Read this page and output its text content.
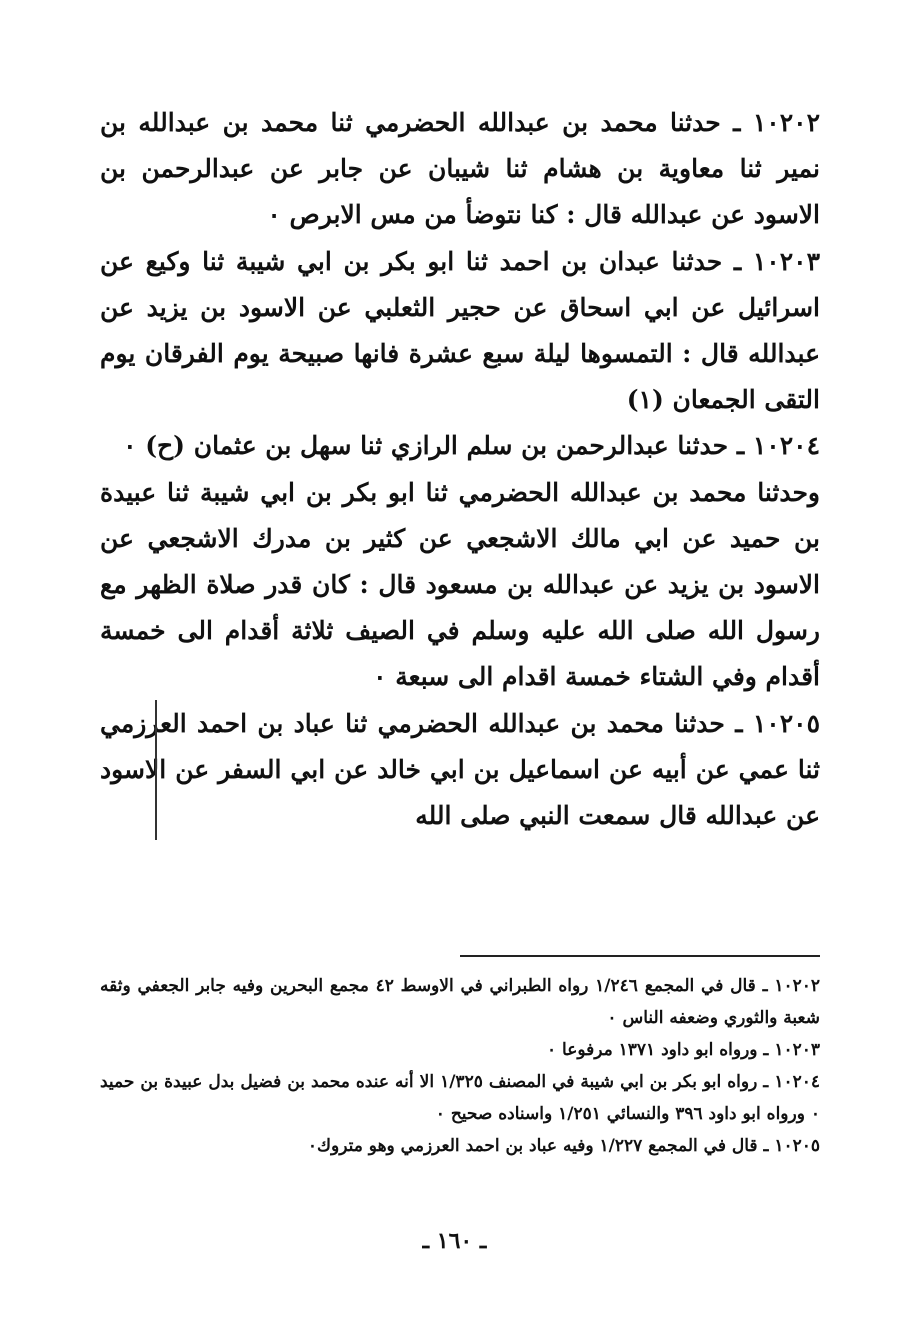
١٠٢٠٢ ـ حدثنا محمد بن عبدالله الحضرمي ثنا محمد بن عبدالله بن نمير ثنا معاوية بن هشام ثنا شيبان عن جابر عن عبدالرحمن بن الاسود عن عبدالله قال : كنا نتوضأ من مس الابرص ٠

١٠٢٠٣ ـ حدثنا عبدان بن احمد ثنا ابو بكر بن ابي شيبة ثنا وكيع عن اسرائيل عن ابي اسحاق عن حجير الثعلبي عن الاسود بن يزيد عن عبدالله قال : التمسوها ليلة سبع عشرة فانها صبيحة يوم الفرقان يوم التقى الجمعان (١)

١٠٢٠٤ ـ حدثنا عبدالرحمن بن سلم الرازي ثنا سهل بن عثمان (ح) ٠

وحدثنا محمد بن عبدالله الحضرمي ثنا ابو بكر بن ابي شيبة ثنا عبيدة بن حميد عن ابي مالك الاشجعي عن كثير بن مدرك الاشجعي عن الاسود بن يزيد عن عبدالله بن مسعود قال : كان قدر صلاة الظهر مع رسول الله صلى الله عليه وسلم في الصيف ثلاثة أقدام الى خمسة أقدام وفي الشتاء خمسة اقدام الى سبعة ٠

١٠٢٠٥ ـ حدثنا محمد بن عبدالله الحضرمي ثنا عباد بن احمد العرزمي ثنا عمي عن أبيه عن اسماعيل بن ابي خالد عن ابي السفر عن الاسود عن عبدالله قال سمعت النبي صلى الله

١٠٢٠٢ ـ قال في المجمع ١/٢٤٦ رواه الطبراني في الاوسط ٤٢ مجمع البحرين وفيه جابر الجعفي وثقه شعبة والثوري وضعفه الناس ٠

١٠٢٠٣ ـ ورواه ابو داود ١٣٧١ مرفوعا ٠

١٠٢٠٤ ـ رواه ابو بكر بن ابي شيبة في المصنف ١/٣٢٥ الا أنه عنده محمد بن فضيل بدل عبيدة بن حميد ٠ ورواه ابو داود ٣٩٦ والنسائي ١/٢٥١ واسناده صحيح ٠

١٠٢٠٥ ـ قال في المجمع ١/٢٢٧ وفيه عباد بن احمد العرزمي وهو متروك٠

ـ ١٦٠ ـ
